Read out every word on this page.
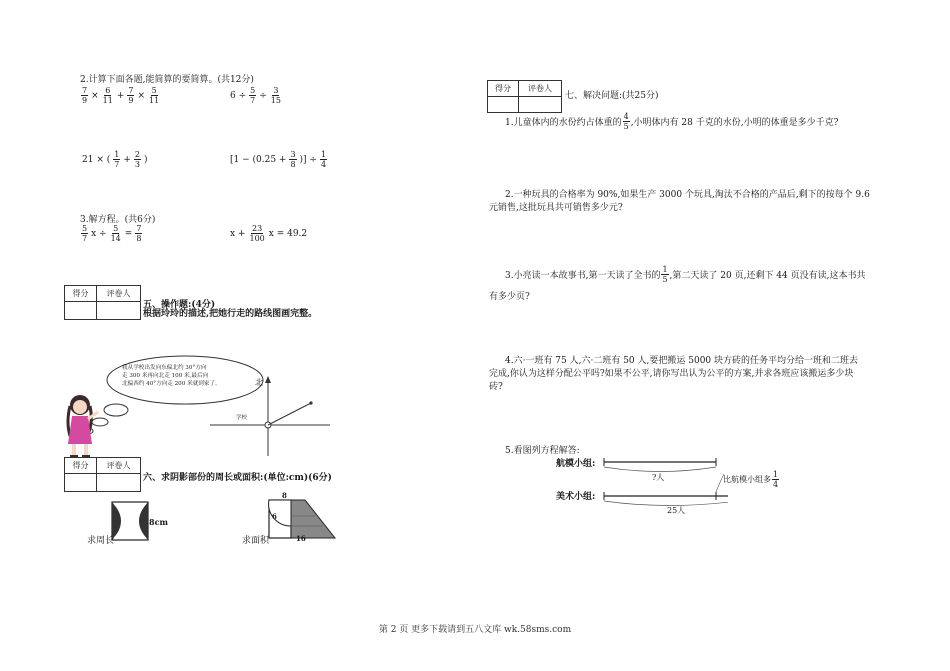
2.计算下面各题,能简算的要简算。(共12分)
$\frac{7}{9} \times \frac{6}{11} + \frac{7}{9} \times \frac{5}{11}$	$6 \div \frac{5}{7} \div \frac{3}{15}$
21 × ( $\frac{1}{7} + \frac{2}{3}$ )	[$1 - (0.25 + \frac{3}{8}$ )] ÷ $\frac{1}{4}$
3.解方程。(共6分)
$\frac{5}{7}$ $x \div \frac{5}{14} = \frac{7}{8}$	$x + \frac{23}{100}$ x = 49.2
得分	评卷人

五、操作题:(4分)
根据玲玲的描述,把她行走的路线图画完整。
我从学校出发向东偏北约 30°方向
走 300 米再向北走 100 米,最后向
北偏西约 40°方向走 200 米就到家了。	北
学校
得分	评卷人

六、求阴影部份的周长或面积:(单位:cm)(6分)
8cm
求周长
8
6
16
求面积
得分	评卷人

七、解决问题:(共25分)
1.儿童体内的水份约占体重的 $\frac{4}{5}$ ,小明体内有 28 千克的水份,小明的体重是多少千克?
2.一种玩具的合格率为 90%,如果生产 3000 个玩具,淘汰不合格的产品后,剩下的按每个 9.6
元销售,这批玩具共可销售多少元?
3.小亮读一本故事书,第一天读了全书的 $\frac{1}{5}$ ,第二天读了 20 页,还剩下 44 页没有读,这本书共
有多少页?
4.六·一班有 75 人,六·二班有 50 人,要把搬运 5000 块方砖的任务平均分给一班和二班去
完成,你认为这样分配公平吗?如果不公平,请你写出认为公平的方案,并求各班应该搬运多少块
砖?
5.看图列方程解答:
航模小组:
美术小组:
?人
25人
比航模小组多 $\frac{1}{4}$
第 2 页 更多下载请到五八文库 wk.58sms.com
